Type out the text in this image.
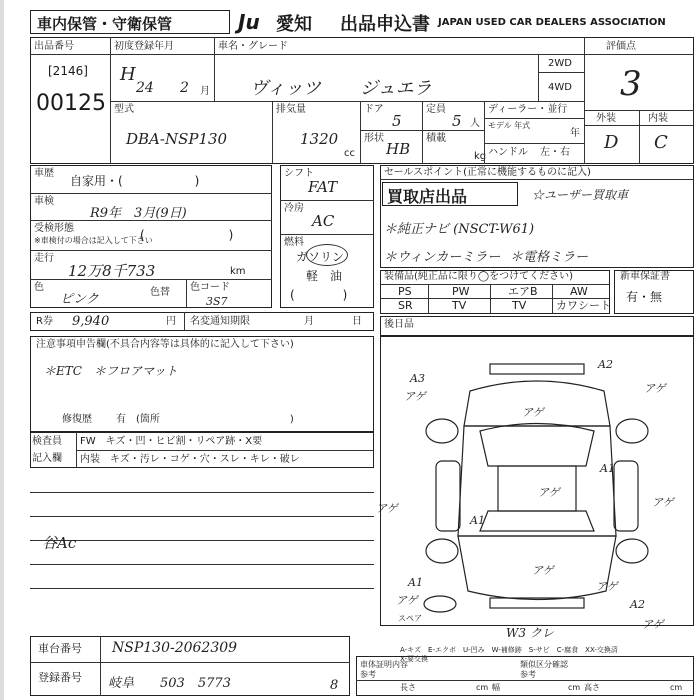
車内保管・守衛保管	Ju 愛知 出品申込書 JAPAN USED CAR DEALERS ASSOCIATION
出品番号
[2146]
00125
初度登録年月
H
24 2 月
車名・グレード
ヴィッツ ジュエラ
2WD
4WD
評価点
3
外装	内装
D C
型式
DBA-NSP130
排気量
1320
cc
ドア
5
形状
HB
定員
5 人
積載
kg
ディーラー・並行
モデル 年式
年
ハンドル 左・右
車歴
自家用・(　　　　　　)
車検
R9年　3月(9日)
受検形態
※車検付の場合は記入して下さい
(　　　　　　　)
走行
12万8千733	km
色
ピンク	色替 色コード
3S7
シフト
FAT
冷房
AC
燃料
ガソリン
軽　油
(　　　　)
セールスポイント(正常に機能するものに記入)
買取店出品	☆ユーザー買取車
＊純正ナビ (NSCT-W61)
＊ウィンカーミラー ＊電格ミラー
装備品(純正品に限り◯をつけてください)
PS	PW	エアB	AW
SR	TV	TV	カワシート
新車保証書
有・無
R券 9,940	円 名変通知期限	月	日 後日品
注意事項申告欄(不具合内容等は具体的に記入して下さい)
＊ETC　＊フロアマット
修復歴 有　(箇所　　　　　　　　　　　　　)
検査員
記入欄
FW　キズ・凹・ヒビ割・リペア跡・X要
内装　キズ・汚レ・コゲ・穴・スレ・キレ・破レ
谷Ac
A3
アゲ
A2
アゲ
アゲ
A1
アゲ
アゲ
A1
アゲ
A1
アゲ
アゲ
アゲ
アゲ
W3 クレ
A2
スペア
A-キズ　E-エクボ　U-凹み　W-補修跡　S-サビ　C-腐食　XX-交換済
X-要交換
車台番号 NSP130-2062309
登録番号 岐阜 503　5773	8
車体証明内容
参考
長さ	cm 幅	cm 高さ	cm
類似区分確認
参考
